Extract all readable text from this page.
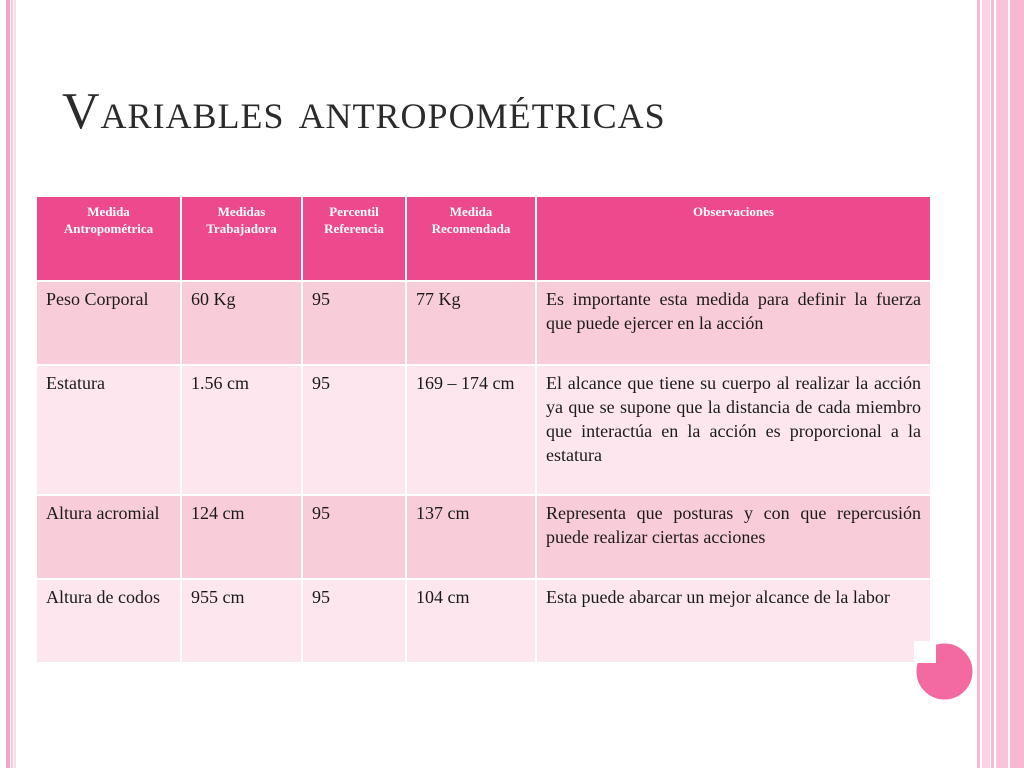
Variables antropométricas
Medida Antropométrica	Medidas Trabajadora	Percentil Referencia	Medida Recomendada	Observaciones
Peso Corporal	60 Kg	95	77 Kg	Es importante esta medida para definir la fuerza que puede ejercer en la acción
Estatura	1.56 cm	95	169 – 174 cm	El alcance que tiene su cuerpo al realizar la acción ya que se supone que la distancia de cada miembro que interactúa en la acción es proporcional a la estatura
Altura acromial	124 cm	95	137 cm	Representa que posturas y con que repercusión puede realizar ciertas acciones
Altura de codos	955 cm	95	104 cm	Esta puede abarcar un mejor alcance de la labor
